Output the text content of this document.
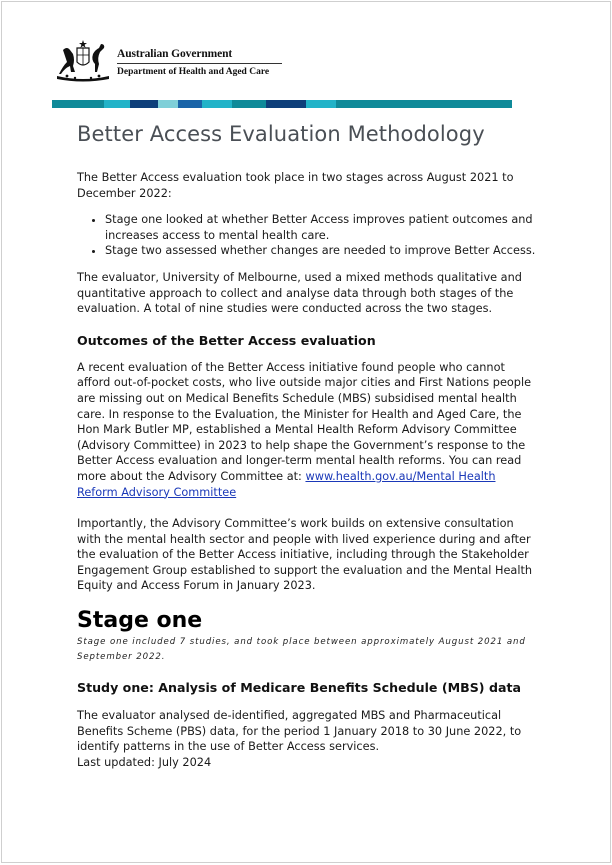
Australian Government
Department of Health and Aged Care
Better Access Evaluation Methodology

The Better Access evaluation took place in two stages across August 2021 to December 2022:

• Stage one looked at whether Better Access improves patient outcomes and increases access to mental health care.
• Stage two assessed whether changes are needed to improve Better Access.

The evaluator, University of Melbourne, used a mixed methods qualitative and quantitative approach to collect and analyse data through both stages of the evaluation. A total of nine studies were conducted across the two stages.

Outcomes of the Better Access evaluation

A recent evaluation of the Better Access initiative found people who cannot afford out-of-pocket costs, who live outside major cities and First Nations people are missing out on Medical Benefits Schedule (MBS) subsidised mental health care. In response to the Evaluation, the Minister for Health and Aged Care, the Hon Mark Butler MP, established a Mental Health Reform Advisory Committee (Advisory Committee) in 2023 to help shape the Government’s response to the Better Access evaluation and longer-term mental health reforms. You can read more about the Advisory Committee at: www.health.gov.au/Mental Health Reform Advisory Committee

Importantly, the Advisory Committee’s work builds on extensive consultation with the mental health sector and people with lived experience during and after the evaluation of the Better Access initiative, including through the Stakeholder Engagement Group established to support the evaluation and the Mental Health Equity and Access Forum in January 2023.

Stage one

Stage one included 7 studies, and took place between approximately August 2021 and September 2022.

Study one: Analysis of Medicare Benefits Schedule (MBS) data

The evaluator analysed de-identified, aggregated MBS and Pharmaceutical Benefits Scheme (PBS) data, for the period 1 January 2018 to 30 June 2022, to identify patterns in the use of Better Access services.

Last updated: July 2024
